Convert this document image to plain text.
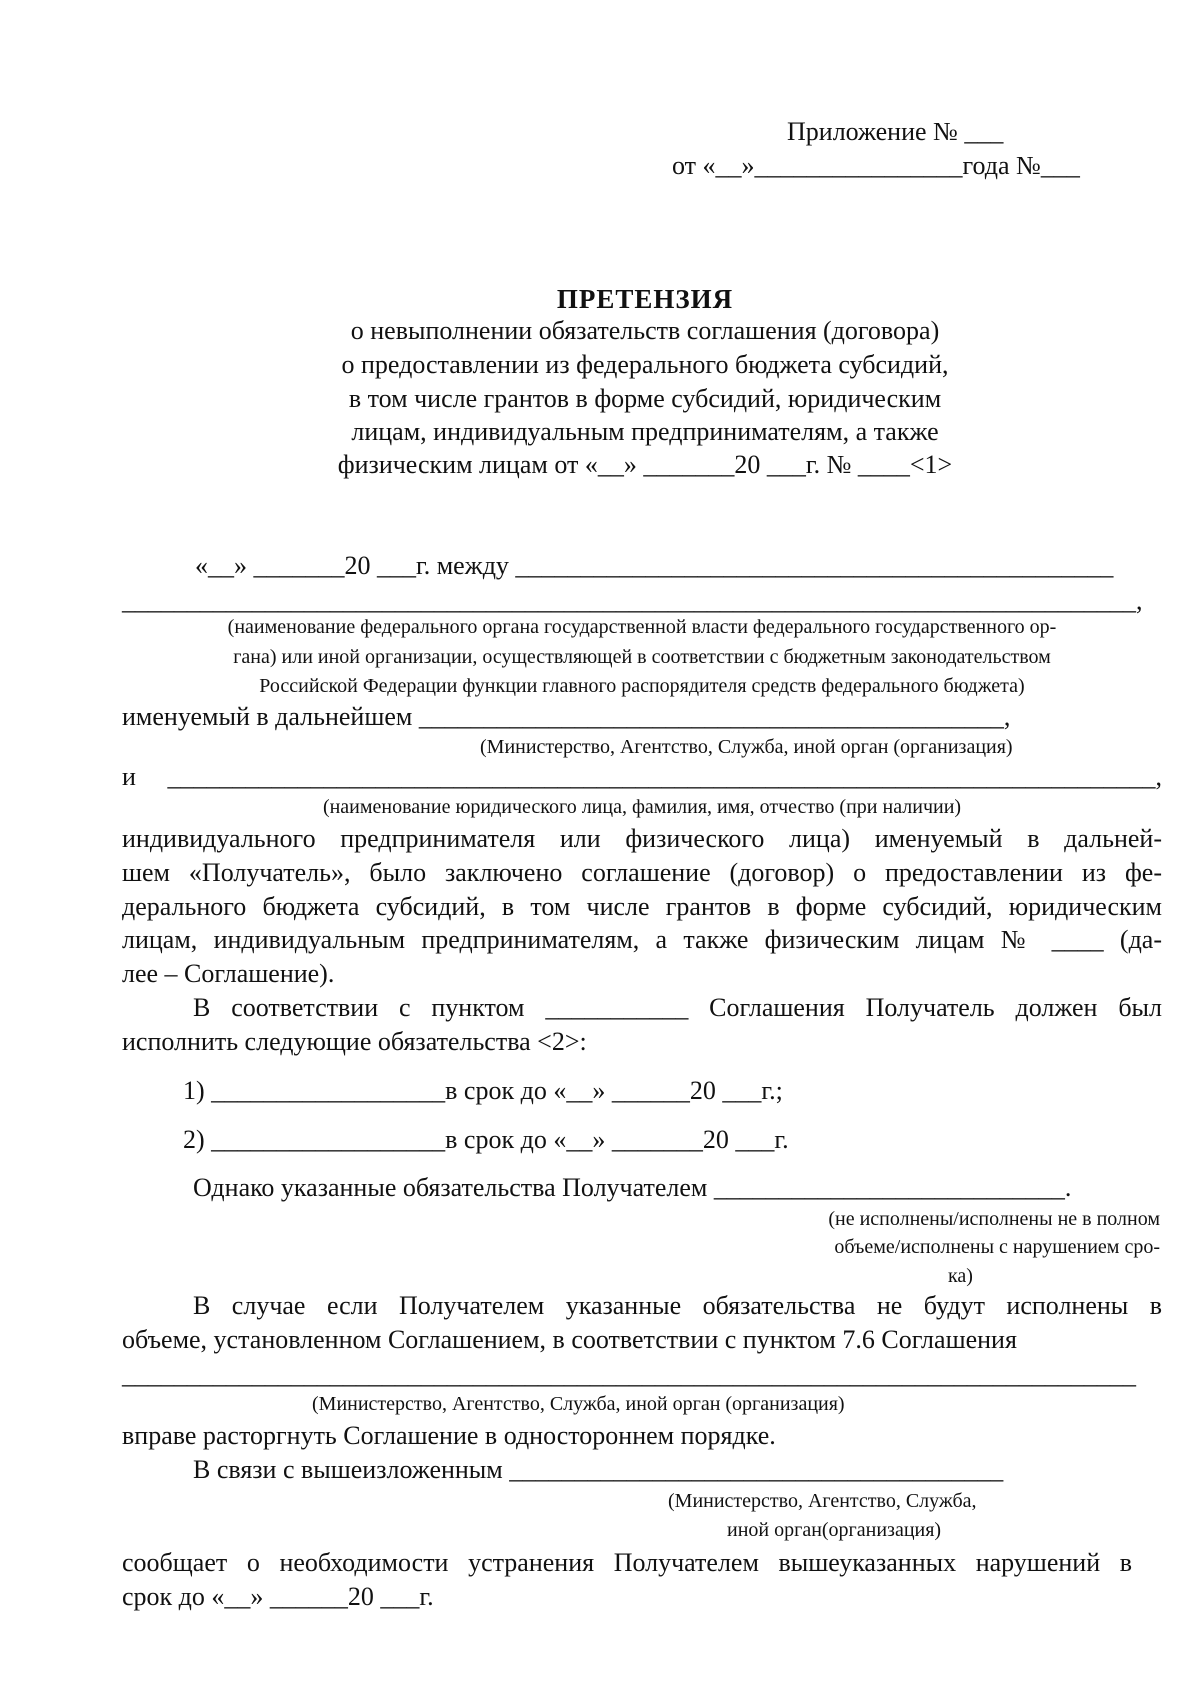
Приложение № ___
от «__»________________года №___
ПРЕТЕНЗИЯ
о невыполнении обязательств соглашения (договора)
о предоставлении из федерального бюджета субсидий,
в том числе грантов в форме субсидий, юридическим
лицам, индивидуальным предпринимателям, а также
физическим лицам от «__» _______20 ___г. № ____<1>
«__» _______20 ___г. между ______________________________________________
______________________________________________________________________________,
(наименование федерального органа государственной власти федерального государственного ор-
гана) или иной организации, осуществляющей в соответствии с бюджетным законодательством
Российской Федерации функции главного распорядителя средств федерального бюджета)
именуемый в дальнейшем _____________________________________________,
(Министерство, Агентство, Служба, иной орган (организация)
и ____________________________________________________________________________,
(наименование юридического лица, фамилия, имя, отчество (при наличии)
индивидуального предпринимателя или физического лица) именуемый в дальней-
шем «Получатель», было заключено соглашение (договор) о предоставлении из фе-
дерального бюджета субсидий, в том числе грантов в форме субсидий, юридическим
лицам, индивидуальным предпринимателям, а также физическим лицам № ____ (да-
лее – Соглашение).
В соответствии с пунктом ___________ Соглашения Получатель должен был
исполнить следующие обязательства <2>:
1) __________________в срок до «__» ______20 ___г.;
2) __________________в срок до «__» _______20 ___г.
Однако указанные обязательства Получателем ___________________________.
(не исполнены/исполнены не в полном
объеме/исполнены с нарушением сро-
ка)
В случае если Получателем указанные обязательства не будут исполнены в
объеме, установленном Соглашением, в соответствии с пунктом 7.6 Соглашения
______________________________________________________________________________
(Министерство, Агентство, Служба, иной орган (организация)
вправе расторгнуть Соглашение в одностороннем порядке.
В связи с вышеизложенным ______________________________________
(Министерство, Агентство, Служба,
иной орган(организация)
сообщает о необходимости устранения Получателем вышеуказанных нарушений в
срок до «__» ______20 ___г.
